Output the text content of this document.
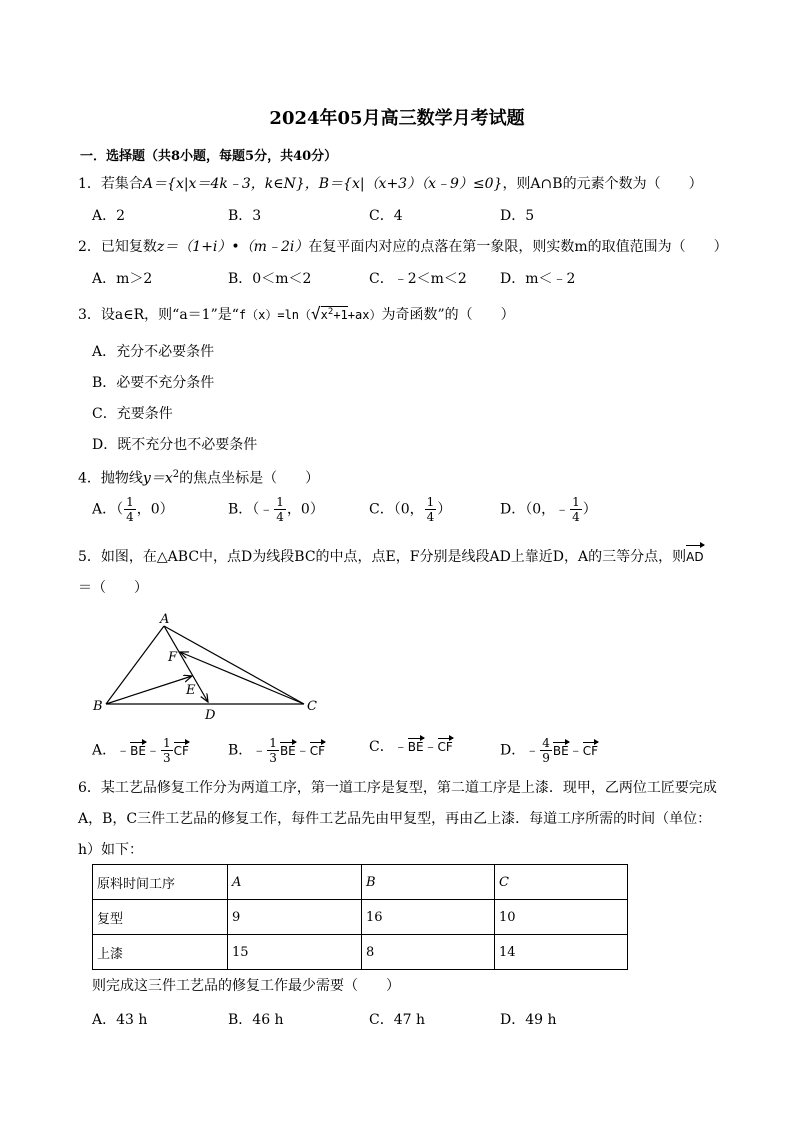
2024年05月高三数学月考试题
一．选择题（共8小题，每题5分，共40分）
1．若集合A＝{x|x＝4k﹣3，k∈N}，B＝{x|（x+3）（x﹣9）≤0}，则A∩B的元素个数为（　　）
A．2	B．3	C．4	D．5
2．已知复数z＝（1+i）•（m﹣2i）在复平面内对应的点落在第一象限，则实数m的取值范围为（　　）
A．m＞2	B．0＜m＜2	C．﹣2＜m＜2 D．m＜﹣2
3．设a∈R，则“a＝1”是“$f(x)=\ln(√x^2+1+ax)$为奇函数”的（　　）
A．充分不必要条件
B．必要不充分条件
C．充要条件
D．既不充分也不必要条件
4．抛物线$y=x^2$的焦点坐标是（　　）
A．（ $\frac{1}{4}$ ，0）	B．（﹣ $\frac{1}{4}$ ，0）	C．（0， $\frac{1}{4}$ ）	D．（0，﹣ $\frac{1}{4}$ ）
5．如图，在△ABC中，点D为线段BC的中点，点E，F分别是线段AD上靠近D，A的三等分点，则AD
＝（　　）
A
B	C
D
E
F
A．﹣BE﹣ $\frac{1}{3}$ CF	B．﹣ $\frac{1}{3}$ BE﹣CF	C．﹣BE﹣CF	D．﹣ $\frac{4}{9}$ BE﹣CF
6．某工艺品修复工作分为两道工序，第一道工序是复型，第二道工序是上漆．现甲，乙两位工匠要完成
A，B，C三件工艺品的修复工作，每件工艺品先由甲复型，再由乙上漆．每道工序所需的时间（单位：
h）如下：
原料时间工序	A	B	C
复型	9	16	10
上漆	15	8	14
则完成这三件工艺品的修复工作最少需要（　　）
A．43 h	B．46 h	C．47 h	D．49 h
